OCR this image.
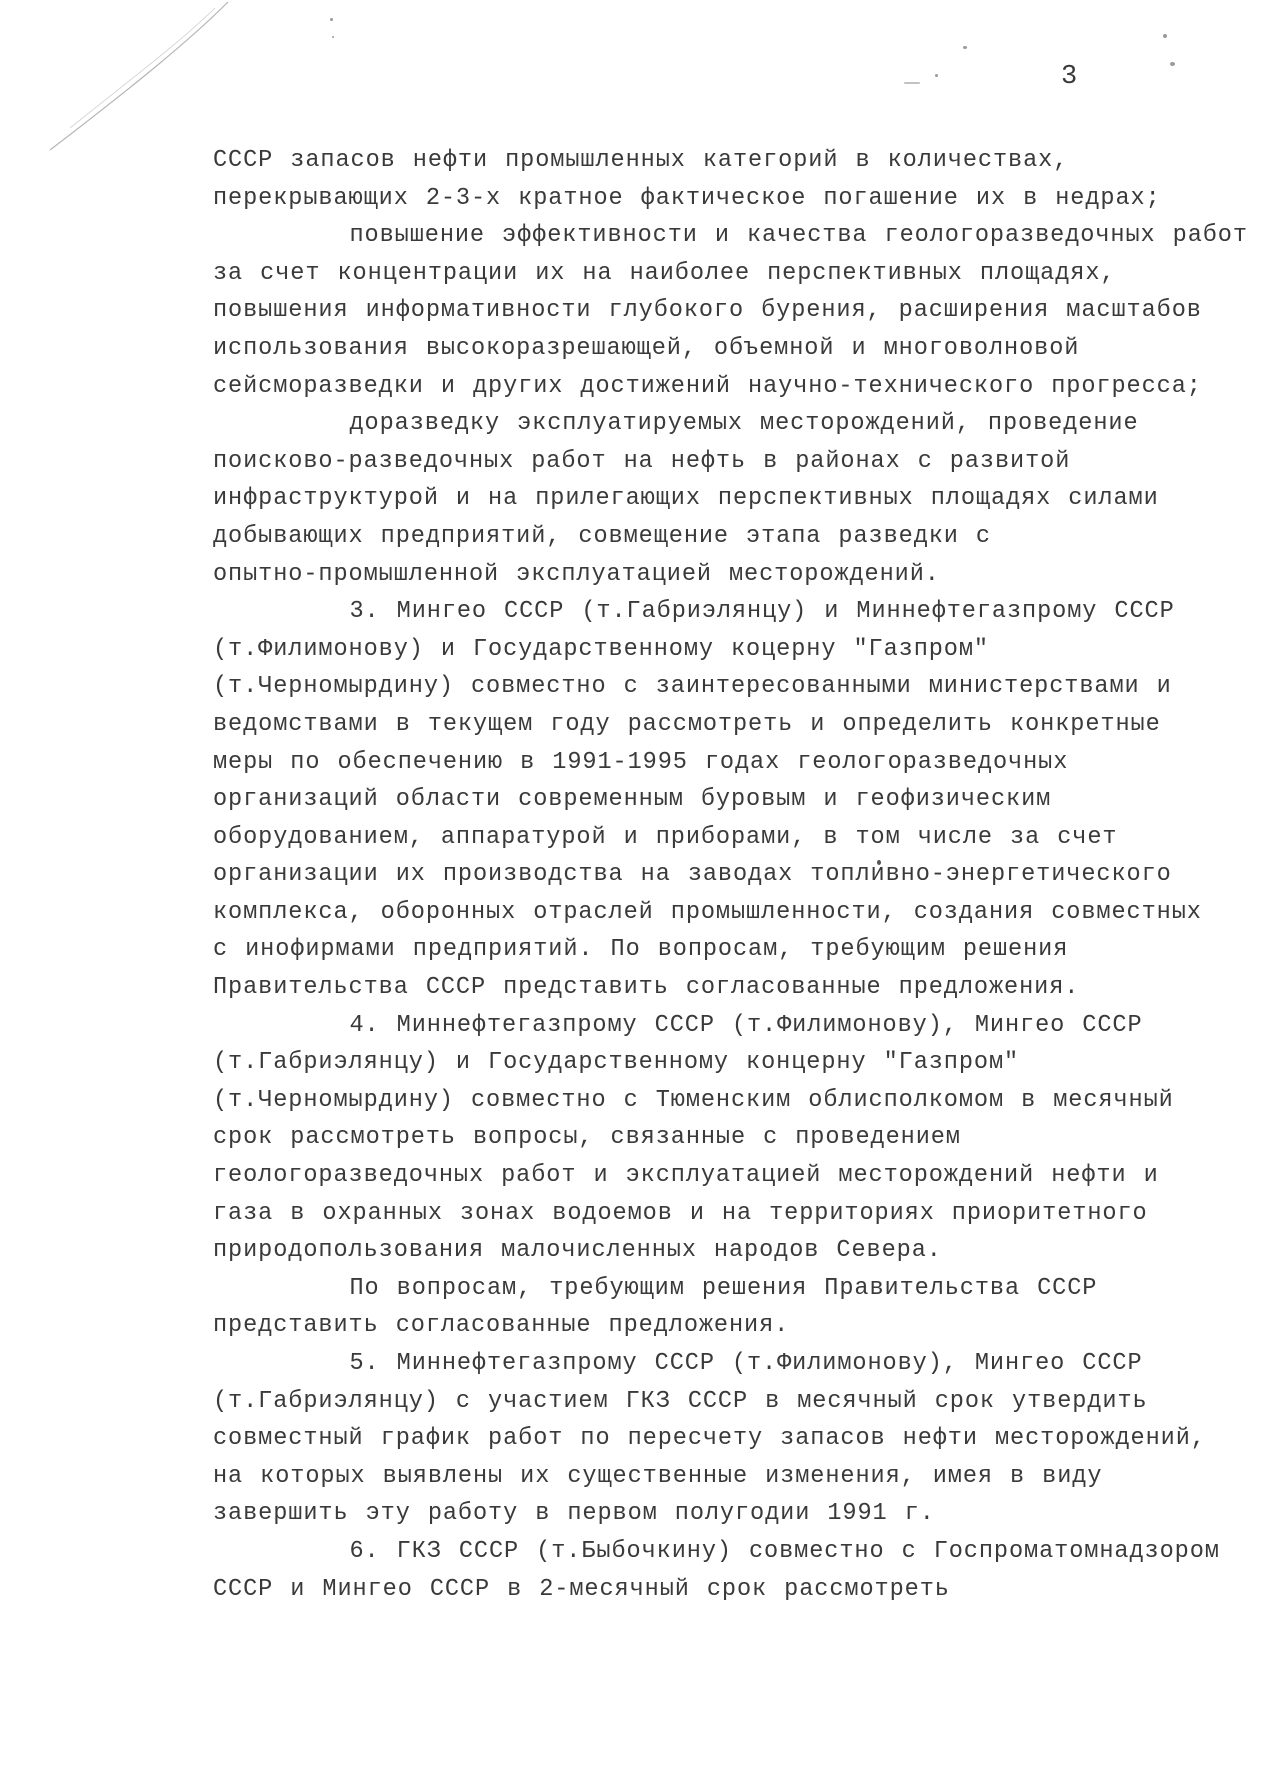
3
СССР запасов нефти промышленных категорий в количествах,
перекрывающих 2-3-х кратное фактическое погашение их в недрах;
повышение эффективности и качества геологоразведочных работ
за счет концентрации их на наиболее перспективных площадях,
повышения информативности глубокого бурения, расширения масштабов
использования высокоразрешающей, объемной и многоволновой
сейсморазведки и других достижений научно-технического прогресса;
доразведку эксплуатируемых месторождений, проведение
поисково-разведочных работ на нефть в районах с развитой
инфраструктурой и на прилегающих перспективных площадях силами
добывающих предприятий, совмещение этапа разведки с
опытно-промышленной эксплуатацией месторождений.
3. Мингео СССР (т.Габриэлянцу) и Миннефтегазпрому СССР
(т.Филимонову) и Государственному коцерну "Газпром"
(т.Черномырдину) совместно с заинтересованными министерствами и
ведомствами в текущем году рассмотреть и определить конкретные
меры по обеспечению в 1991-1995 годах геологоразведочных
организаций области современным буровым и геофизическим
оборудованием, аппаратурой и приборами, в том числе за счет
организации их производства на заводах топливно-энергетического
комплекса, оборонных отраслей промышленности, создания совместных
с инофирмами предприятий. По вопросам, требующим решения
Правительства СССР представить согласованные предложения.
4. Миннефтегазпрому СССР (т.Филимонову), Мингео СССР
(т.Габриэлянцу) и Государственному концерну "Газпром"
(т.Черномырдину) совместно с Тюменским облисполкомом в месячный
срок рассмотреть вопросы, связанные с проведением
геологоразведочных работ и эксплуатацией месторождений нефти и
газа в охранных зонах водоемов и на территориях приоритетного
природопользования малочисленных народов Севера.
По вопросам, требующим решения Правительства СССР
представить согласованные предложения.
5. Миннефтегазпрому СССР (т.Филимонову), Мингео СССР
(т.Габриэлянцу) с участием ГКЗ СССР в месячный срок утвердить
совместный график работ по пересчету запасов нефти месторождений,
на которых выявлены их существенные изменения, имея в виду
завершить эту работу в первом полугодии 1991 г.
6. ГКЗ СССР (т.Быбочкину) совместно с Госпроматомнадзором
СССР и Мингео СССР в 2-месячный срок рассмотреть
